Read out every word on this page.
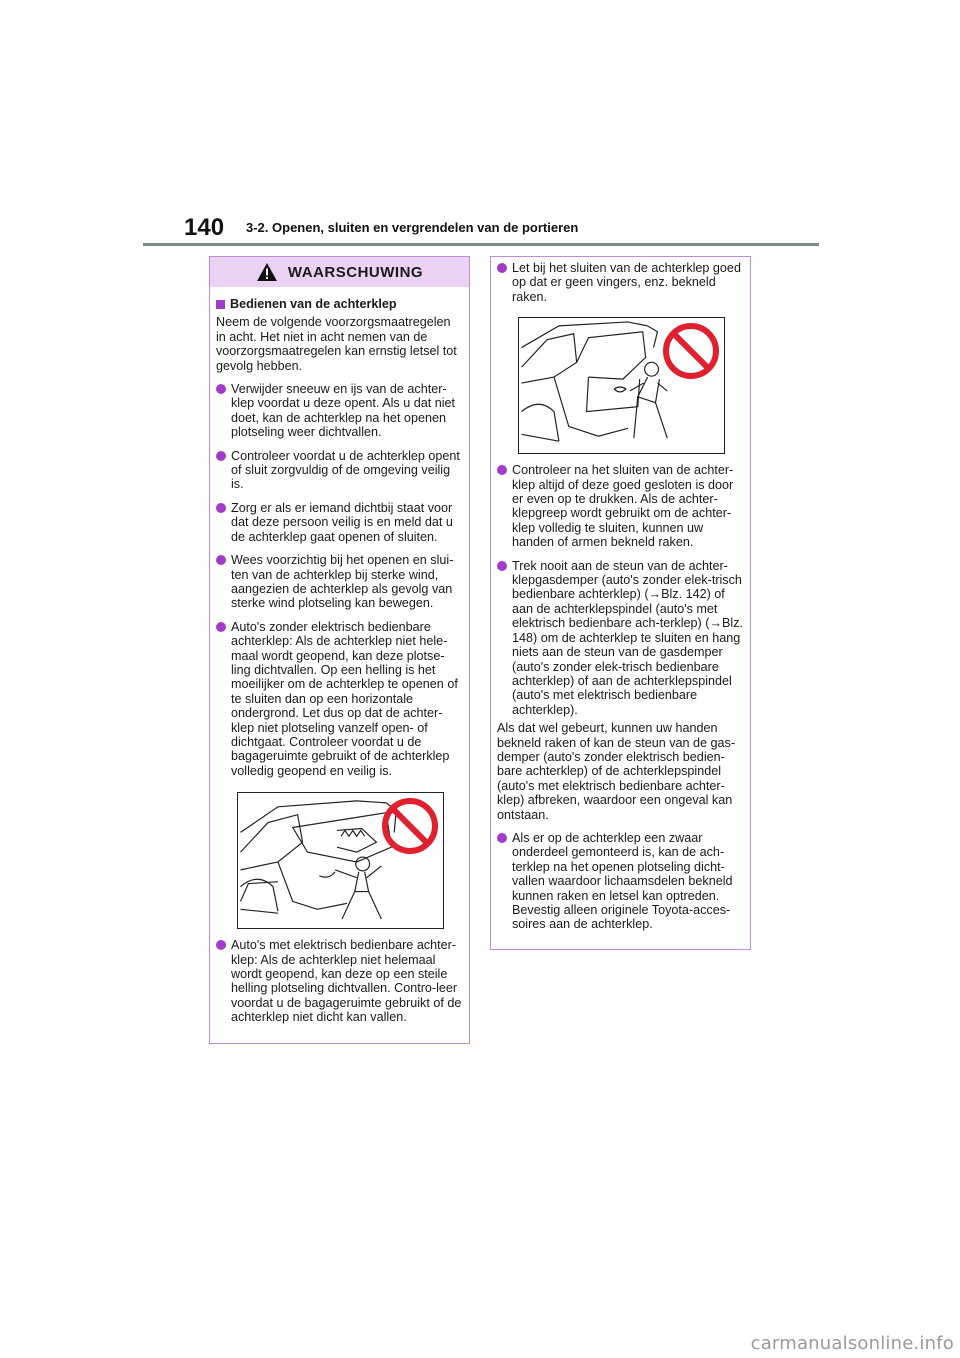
140 3-2. Openen, sluiten en vergrendelen van de portieren
WAARSCHUWING
Bedienen van de achterklep

Neem de volgende voorzorgsmaatregelen in acht. Het niet in acht nemen van de voorzorgsmaatregelen kan ernstig letsel tot gevolg hebben.

Verwijder sneeuw en ijs van de achter-klep voordat u deze opent. Als u dat niet doet, kan de achterklep na het openen plotseling weer dichtvallen.
Controleer voordat u de achterklep opent of sluit zorgvuldig of de omgeving veilig is.
Zorg er als er iemand dichtbij staat voor dat deze persoon veilig is en meld dat u de achterklep gaat openen of sluiten.
Wees voorzichtig bij het openen en slui-ten van de achterklep bij sterke wind, aangezien de achterklep als gevolg van sterke wind plotseling kan bewegen.
Auto's zonder elektrisch bedienbare achterklep: Als de achterklep niet hele-maal wordt geopend, kan deze plotse-ling dichtvallen. Op een helling is het moeilijker om de achterklep te openen of te sluiten dan op een horizontale ondergrond. Let dus op dat de achter-klep niet plotseling vanzelf open- of dichtgaat. Controleer voordat u de bagageruimte gebruikt of de achterklep volledig geopend en veilig is.
Auto's met elektrisch bedienbare achter-klep: Als de achterklep niet helemaal wordt geopend, kan deze op een steile helling plotseling dichtvallen. Contro-leer voordat u de bagageruimte gebruikt of de achterklep niet dicht kan vallen.
Let bij het sluiten van de achterklep goed op dat er geen vingers, enz. bekneld raken.
Controleer na het sluiten van de achter-klep altijd of deze goed gesloten is door er even op te drukken. Als de achter-klepgreep wordt gebruikt om de achter-klep volledig te sluiten, kunnen uw handen of armen bekneld raken.
Trek nooit aan de steun van de achter-klepgasdemper (auto's zonder elek-trisch bedienbare achterklep) (→Blz. 142) of aan de achterklepspindel (auto's met elektrisch bedienbare ach-terklep) (→Blz. 148) om de achterklep te sluiten en hang niets aan de steun van de gasdemper (auto's zonder elek-trisch bedienbare achterklep) of aan de achterklepspindel (auto's met elektrisch bedienbare achterklep).

Als dat wel gebeurt, kunnen uw handen bekneld raken of kan de steun van de gas-demper (auto's zonder elektrisch bedien-bare achterklep) of de achterklepspindel (auto's met elektrisch bedienbare achter-klep) afbreken, waardoor een ongeval kan ontstaan.

Als er op de achterklep een zwaar onderdeel gemonteerd is, kan de ach-terklep na het openen plotseling dicht-vallen waardoor lichaamsdelen bekneld kunnen raken en letsel kan optreden. Bevestig alleen originele Toyota-acces-soires aan de achterklep.
carmanualsonline.info
